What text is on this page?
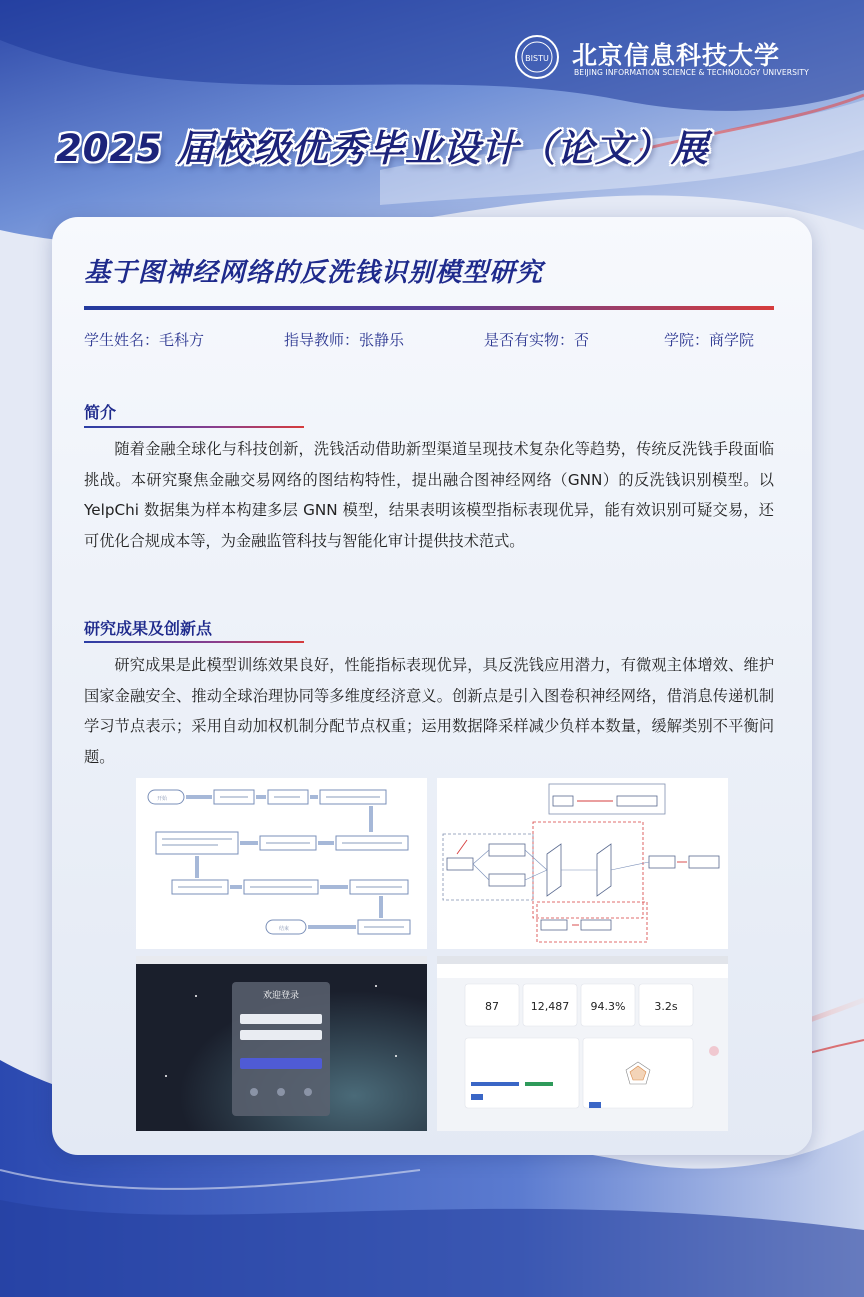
BISTU 北京信息科技大学
BEIJING INFORMATION SCIENCE & TECHNOLOGY UNIVERSITY
2025 届校级优秀毕业设计（论文）展
基于图神经网络的反洗钱识别模型研究
学生姓名：毛科方	指导教师：张静乐	是否有实物：否	学院：商学院
简介

随着金融全球化与科技创新，洗钱活动借助新型渠道呈现技术复杂化等趋势，传统反洗钱手段面临挑战。本研究聚焦金融交易网络的图结构特性，提出融合图神经网络（GNN）的反洗钱识别模型。以 YelpChi 数据集为样本构建多层 GNN 模型，结果表明该模型指标表现优异，能有效识别可疑交易，还可优化合规成本等，为金融监管科技与智能化审计提供技术范式。

研究成果及创新点

研究成果是此模型训练效果良好，性能指标表现优异，具反洗钱应用潜力，有微观主体增效、维护国家金融安全、推动全球治理协同等多维度经济意义。创新点是引入图卷积神经网络，借消息传递机制学习节点表示；采用自动加权机制分配节点权重；运用数据降采样减少负样本数量，缓解类别不平衡问题。

开始
结束
欢迎登录
87	12,487 94.3%	3.2s
